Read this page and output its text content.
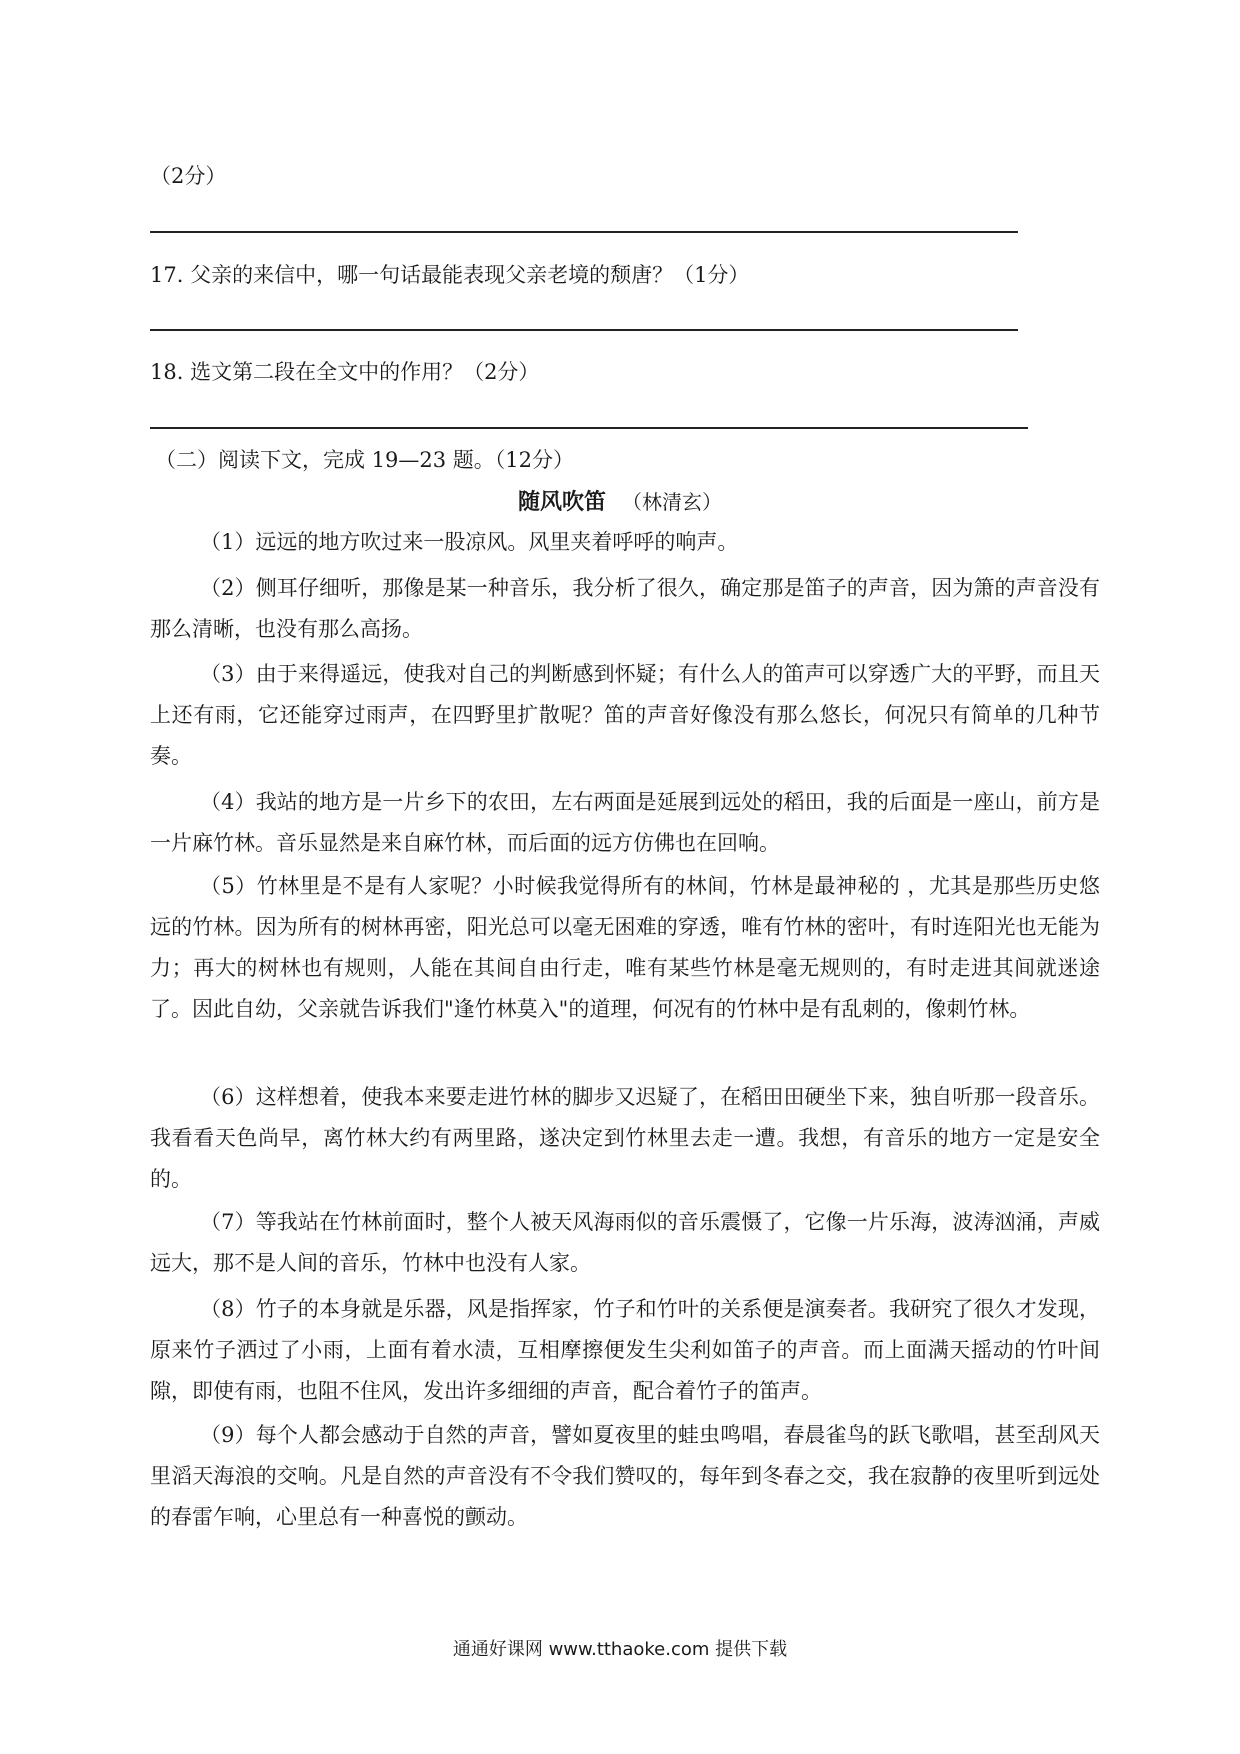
（2分）
17. 父亲的来信中，哪一句话最能表现父亲老境的颓唐？（1分）
18. 选文第二段在全文中的作用？（2分）
（二）阅读下文，完成 19—23 题。（12分）
随风吹笛 （林清玄）
（1）远远的地方吹过来一股凉风。风里夹着呼呼的响声。
（2）侧耳仔细听，那像是某一种音乐，我分析了很久，确定那是笛子的声音，因为箫的声音没有那么清晰，也没有那么高扬。
（3）由于来得遥远，使我对自己的判断感到怀疑；有什么人的笛声可以穿透广大的平野，而且天上还有雨，它还能穿过雨声，在四野里扩散呢？笛的声音好像没有那么悠长，何况只有简单的几种节奏。
（4）我站的地方是一片乡下的农田，左右两面是延展到远处的稻田，我的后面是一座山，前方是一片麻竹林。音乐显然是来自麻竹林，而后面的远方仿佛也在回响。
（5）竹林里是不是有人家呢？小时候我觉得所有的林间，竹林是最神秘的 ，尤其是那些历史悠远的竹林。因为所有的树林再密，阳光总可以毫无困难的穿透，唯有竹林的密叶，有时连阳光也无能为力；再大的树林也有规则，人能在其间自由行走，唯有某些竹林是毫无规则的，有时走进其间就迷途了。因此自幼，父亲就告诉我们"逢竹林莫入"的道理，何况有的竹林中是有乱刺的，像刺竹林。
（6）这样想着，使我本来要走进竹林的脚步又迟疑了，在稻田田硬坐下来，独自听那一段音乐。我看看天色尚早，离竹林大约有两里路，遂决定到竹林里去走一遭。我想，有音乐的地方一定是安全的。
（7）等我站在竹林前面时，整个人被天风海雨似的音乐震慑了，它像一片乐海，波涛汹涌，声威远大，那不是人间的音乐，竹林中也没有人家。
（8）竹子的本身就是乐器，风是指挥家，竹子和竹叶的关系便是演奏者。我研究了很久才发现，原来竹子洒过了小雨，上面有着水渍，互相摩擦便发生尖利如笛子的声音。而上面满天摇动的竹叶间隙，即使有雨，也阻不住风，发出许多细细的声音，配合着竹子的笛声。
（9）每个人都会感动于自然的声音，譬如夏夜里的蛙虫鸣唱，春晨雀鸟的跃飞歌唱，甚至刮风天里滔天海浪的交响。凡是自然的声音没有不令我们赞叹的，每年到冬春之交，我在寂静的夜里听到远处的春雷乍响，心里总有一种喜悦的颤动。
通通好课网 www.tthaoke.com 提供下载
